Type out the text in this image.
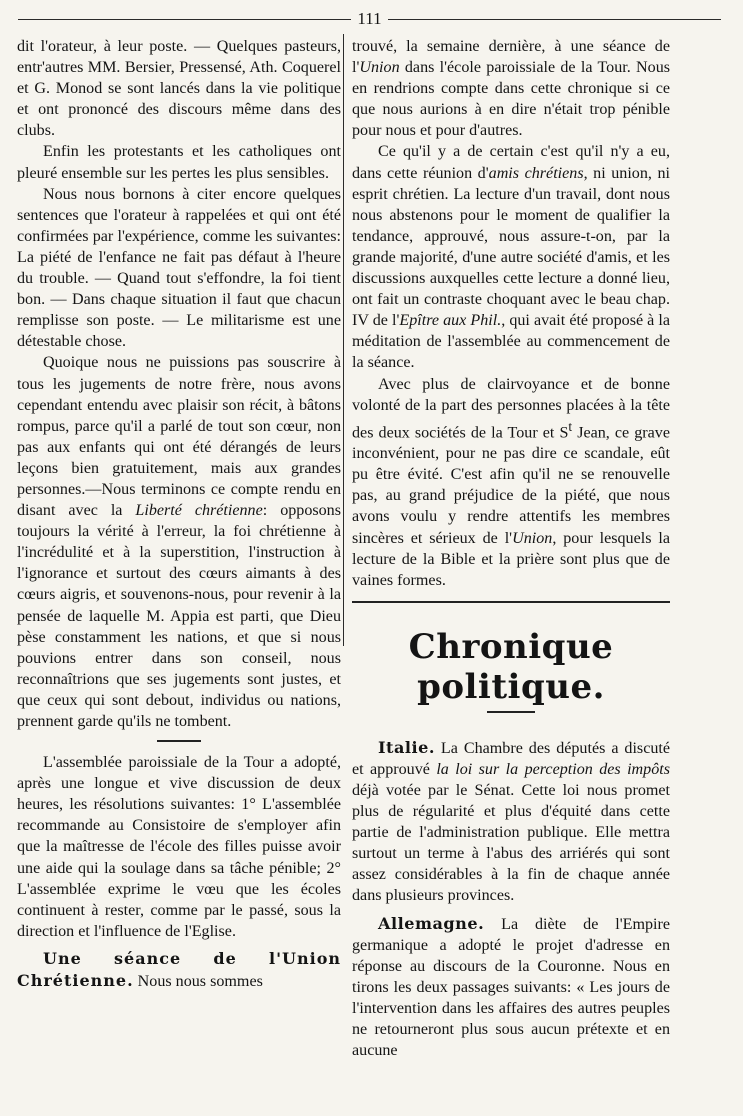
111

dit l'orateur, à leur poste. — Quelques pasteurs, entr'autres MM. Bersier, Pressensé, Ath. Coquerel et G. Monod se sont lancés dans la vie politique et ont prononcé des discours même dans des clubs.

Enfin les protestants et les catholiques ont pleuré ensemble sur les pertes les plus sensibles.

Nous nous bornons à citer encore quelques sentences que l'orateur à rappelées et qui ont été confirmées par l'expérience, comme les suivantes: La piété de l'enfance ne fait pas défaut à l'heure du trouble. — Quand tout s'effondre, la foi tient bon. — Dans chaque situation il faut que chacun remplisse son poste. — Le militarisme est une détestable chose.

Quoique nous ne puissions pas souscrire à tous les jugements de notre frère, nous avons cependant entendu avec plaisir son récit, à bâtons rompus, parce qu'il a parlé de tout son cœur, non pas aux enfants qui ont été dérangés de leurs leçons bien gratuitement, mais aux grandes personnes.—Nous terminons ce compte rendu en disant avec la Liberté chrétienne: opposons toujours la vérité à l'erreur, la foi chrétienne à l'incrédulité et à la superstition, l'instruction à l'ignorance et surtout des cœurs aimants à des cœurs aigris, et souvenons-nous, pour revenir à la pensée de laquelle M. Appia est parti, que Dieu pèse constamment les nations, et que si nous pouvions entrer dans son conseil, nous reconnaîtrions que ses jugements sont justes, et que ceux qui sont debout, individus ou nations, prennent garde qu'ils ne tombent.

L'assemblée paroissiale de la Tour a adopté, après une longue et vive discussion de deux heures, les résolutions suivantes: 1° L'assemblée recommande au Consistoire de s'employer afin que la maîtresse de l'école des filles puisse avoir une aide qui la soulage dans sa tâche pénible; 2° L'assemblée exprime le vœu que les écoles continuent à rester, comme par le passé, sous la direction et l'influence de l'Eglise.

Une séance de l'Union Chrétienne. Nous nous sommes

trouvé, la semaine dernière, à une séance de l'Union dans l'école paroissiale de la Tour. Nous en rendrions compte dans cette chronique si ce que nous aurions à en dire n'était trop pénible pour nous et pour d'autres.

Ce qu'il y a de certain c'est qu'il n'y a eu, dans cette réunion d'amis chrétiens, ni union, ni esprit chrétien. La lecture d'un travail, dont nous nous abstenons pour le moment de qualifier la tendance, approuvé, nous assure-t-on, par la grande majorité, d'une autre société d'amis, et les discussions auxquelles cette lecture a donné lieu, ont fait un contraste choquant avec le beau chap. IV de l'Epître aux Phil., qui avait été proposé à la méditation de l'assemblée au commencement de la séance.

Avec plus de clairvoyance et de bonne volonté de la part des personnes placées à la tête des deux sociétés de la Tour et $S^t$ Jean, ce grave inconvénient, pour ne pas dire ce scandale, eût pu être évité. C'est afin qu'il ne se renouvelle pas, au grand préjudice de la piété, que nous avons voulu y rendre attentifs les membres sincères et sérieux de l'Union, pour lesquels la lecture de la Bible et la prière sont plus que de vaines formes.

Chronique politique.

Italie. La Chambre des députés a discuté et approuvé la loi sur la perception des impôts déjà votée par le Sénat. Cette loi nous promet plus de régularité et plus d'équité dans cette partie de l'administration publique. Elle mettra surtout un terme à l'abus des arriérés qui sont assez considérables à la fin de chaque année dans plusieurs provinces.

Allemagne. La diète de l'Empire germanique a adopté le projet d'adresse en réponse au discours de la Couronne. Nous en tirons les deux passages suivants: « Les jours de l'intervention dans les affaires des autres peuples ne retourneront plus sous aucun prétexte et en aucune
